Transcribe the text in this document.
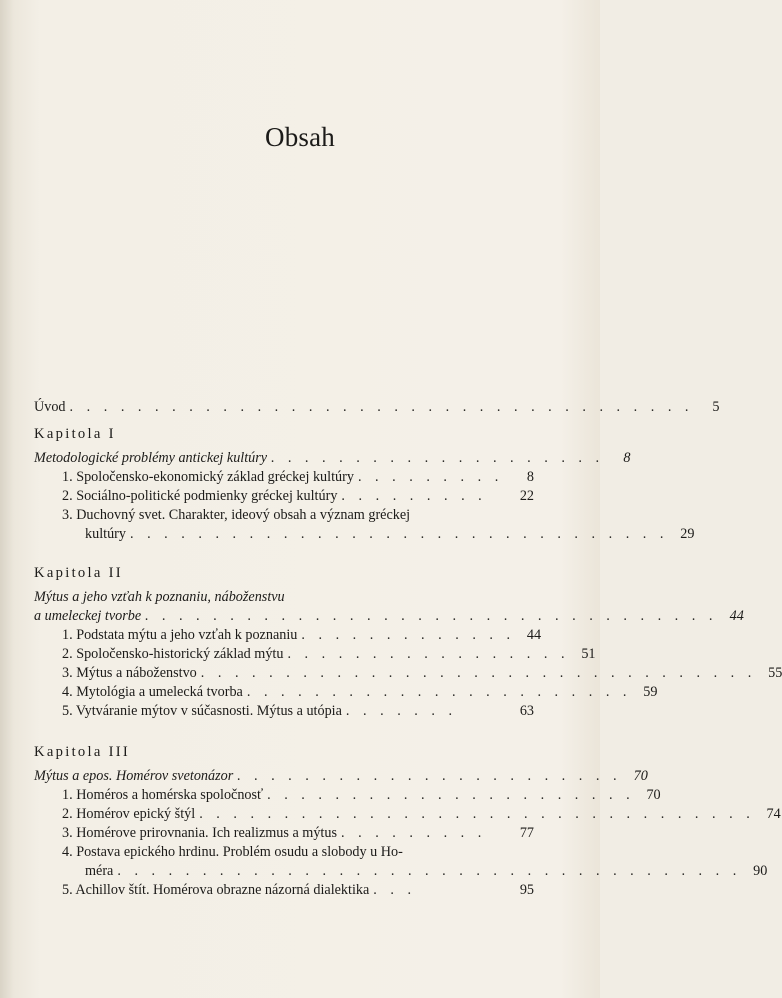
Obsah
Úvod . . . . . . . . . . . . . . . . . . . . . . . . . . . . . . . . . . . . .	5
Kapitola I
Metodologické problémy antickej kultúry . . . . . . . . . . . . . . . . . . . .	8
1. Spoločensko-ekonomický základ gréckej kultúry . . . . . . . . .	8
2. Sociálno-politické podmienky gréckej kultúry . . . . . . . . .	22
3. Duchovný svet. Charakter, ideový obsah a význam gréckej
kultúry . . . . . . . . . . . . . . . . . . . . . . . . . . . . . . . . 29
Kapitola II
Mýtus a jeho vzťah k poznaniu, náboženstvu
a umeleckej tvorbe . . . . . . . . . . . . . . . . . . . . . . . . . . . . . . . . . . 44
1. Podstata mýtu a jeho vzťah k poznaniu . . . . . . . . . . . . . 44
2. Spoločensko-historický základ mýtu . . . . . . . . . . . . . . . . . 51
3. Mýtus a náboženstvo . . . . . . . . . . . . . . . . . . . . . . . . . . . . . . . . . 55
4. Mytológia a umelecká tvorba . . . . . . . . . . . . . . . . . . . . . . . 59
5. Vytváranie mýtov v súčasnosti. Mýtus a utópia . . . . . . .	63
Kapitola III
Mýtus a epos. Homérov svetonázor . . . . . . . . . . . . . . . . . . . . . . . 70
1. Homéros a homérska spoločnosť . . . . . . . . . . . . . . . . . . . . . . 70
2. Homérov epický štýl . . . . . . . . . . . . . . . . . . . . . . . . . . . . . . . . . 74
3. Homérove prirovnania. Ich realizmus a mýtus . . . . . . . . .	77
4. Postava epického hrdinu. Problém osudu a slobody u Ho-
méra . . . . . . . . . . . . . . . . . . . . . . . . . . . . . . . . . . . . . 90
5. Achillov štít. Homérova obrazne názorná dialektika . . .	95
